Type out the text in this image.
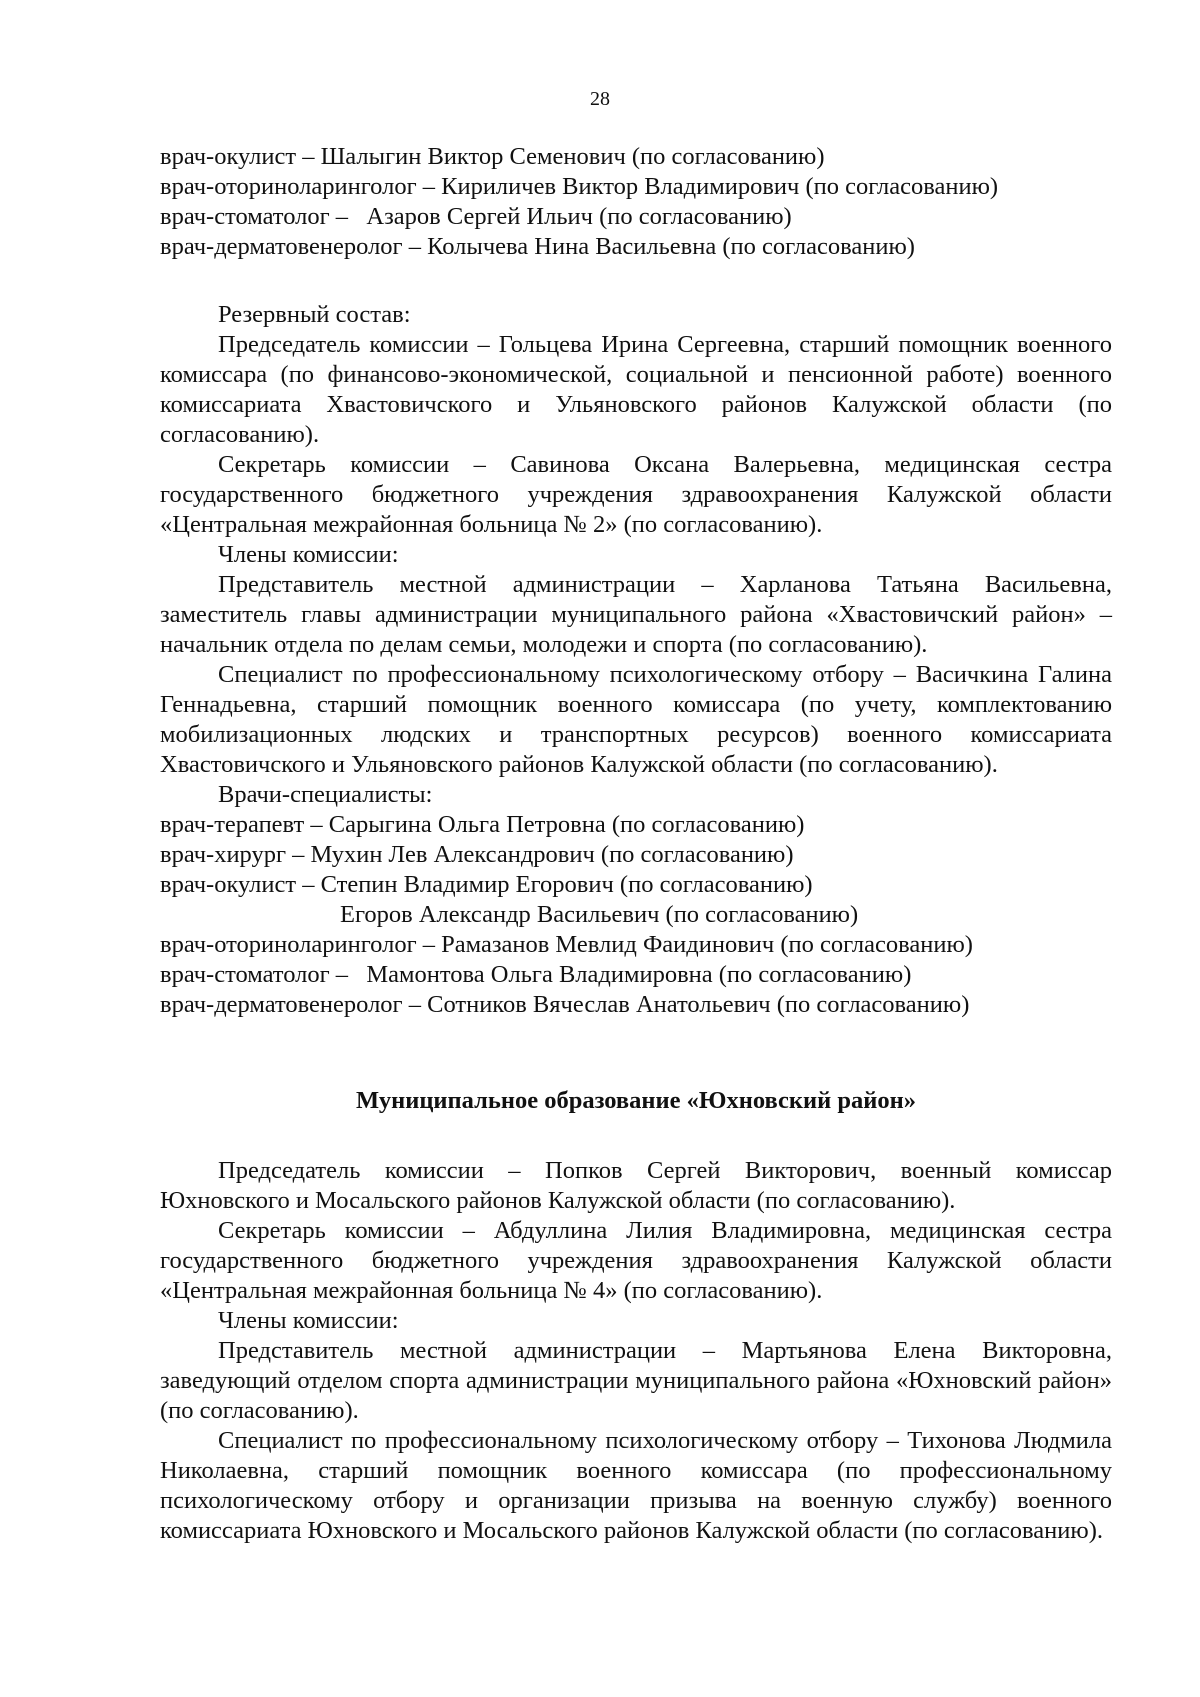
28
врач-окулист – Шалыгин Виктор Семенович (по согласованию)
врач-оториноларинголог – Кириличев Виктор Владимирович (по согласованию)
врач-стоматолог –   Азаров Сергей Ильич (по согласованию)
врач-дерматовенеролог – Колычева Нина Васильевна (по согласованию)
Резервный состав:
Председатель комиссии – Гольцева Ирина Сергеевна, старший помощник военного комиссара (по финансово-экономической, социальной и пенсионной работе) военного комиссариата Хвастовичского и Ульяновского районов Калужской области (по согласованию).
Секретарь комиссии – Савинова Оксана Валерьевна, медицинская сестра государственного бюджетного учреждения здравоохранения Калужской области «Центральная межрайонная больница № 2» (по согласованию).
Члены комиссии:
Представитель местной администрации – Харланова Татьяна Васильевна, заместитель главы администрации муниципального района «Хвастовичский район» – начальник отдела по делам семьи, молодежи и спорта (по согласованию).
Специалист по профессиональному психологическому отбору – Васичкина Галина Геннадьевна, старший помощник военного комиссара (по учету, комплектованию мобилизационных людских и транспортных ресурсов) военного комиссариата Хвастовичского и Ульяновского районов Калужской области (по согласованию).
Врачи-специалисты:
врач-терапевт – Сарыгина Ольга Петровна (по согласованию)
врач-хирург – Мухин Лев Александрович (по согласованию)
врач-окулист – Степин Владимир Егорович (по согласованию)
Егоров Александр Васильевич (по согласованию)
врач-оториноларинголог – Рамазанов Мевлид Фаидинович (по согласованию)
врач-стоматолог –   Мамонтова Ольга Владимировна (по согласованию)
врач-дерматовенеролог – Сотников Вячеслав Анатольевич (по согласованию)
Муниципальное образование «Юхновский район»
Председатель комиссии – Попков Сергей Викторович, военный комиссар Юхновского и Мосальского районов Калужской области (по согласованию).
Секретарь комиссии – Абдуллина Лилия Владимировна, медицинская сестра государственного бюджетного учреждения здравоохранения Калужской области «Центральная межрайонная больница № 4» (по согласованию).
Члены комиссии:
Представитель местной администрации – Мартьянова Елена Викторовна, заведующий отделом спорта администрации муниципального района «Юхновский район» (по согласованию).
Специалист по профессиональному психологическому отбору – Тихонова Людмила Николаевна, старший помощник военного комиссара (по профессиональному психологическому отбору и организации призыва на военную службу) военного комиссариата Юхновского и Мосальского районов Калужской области (по согласованию).
